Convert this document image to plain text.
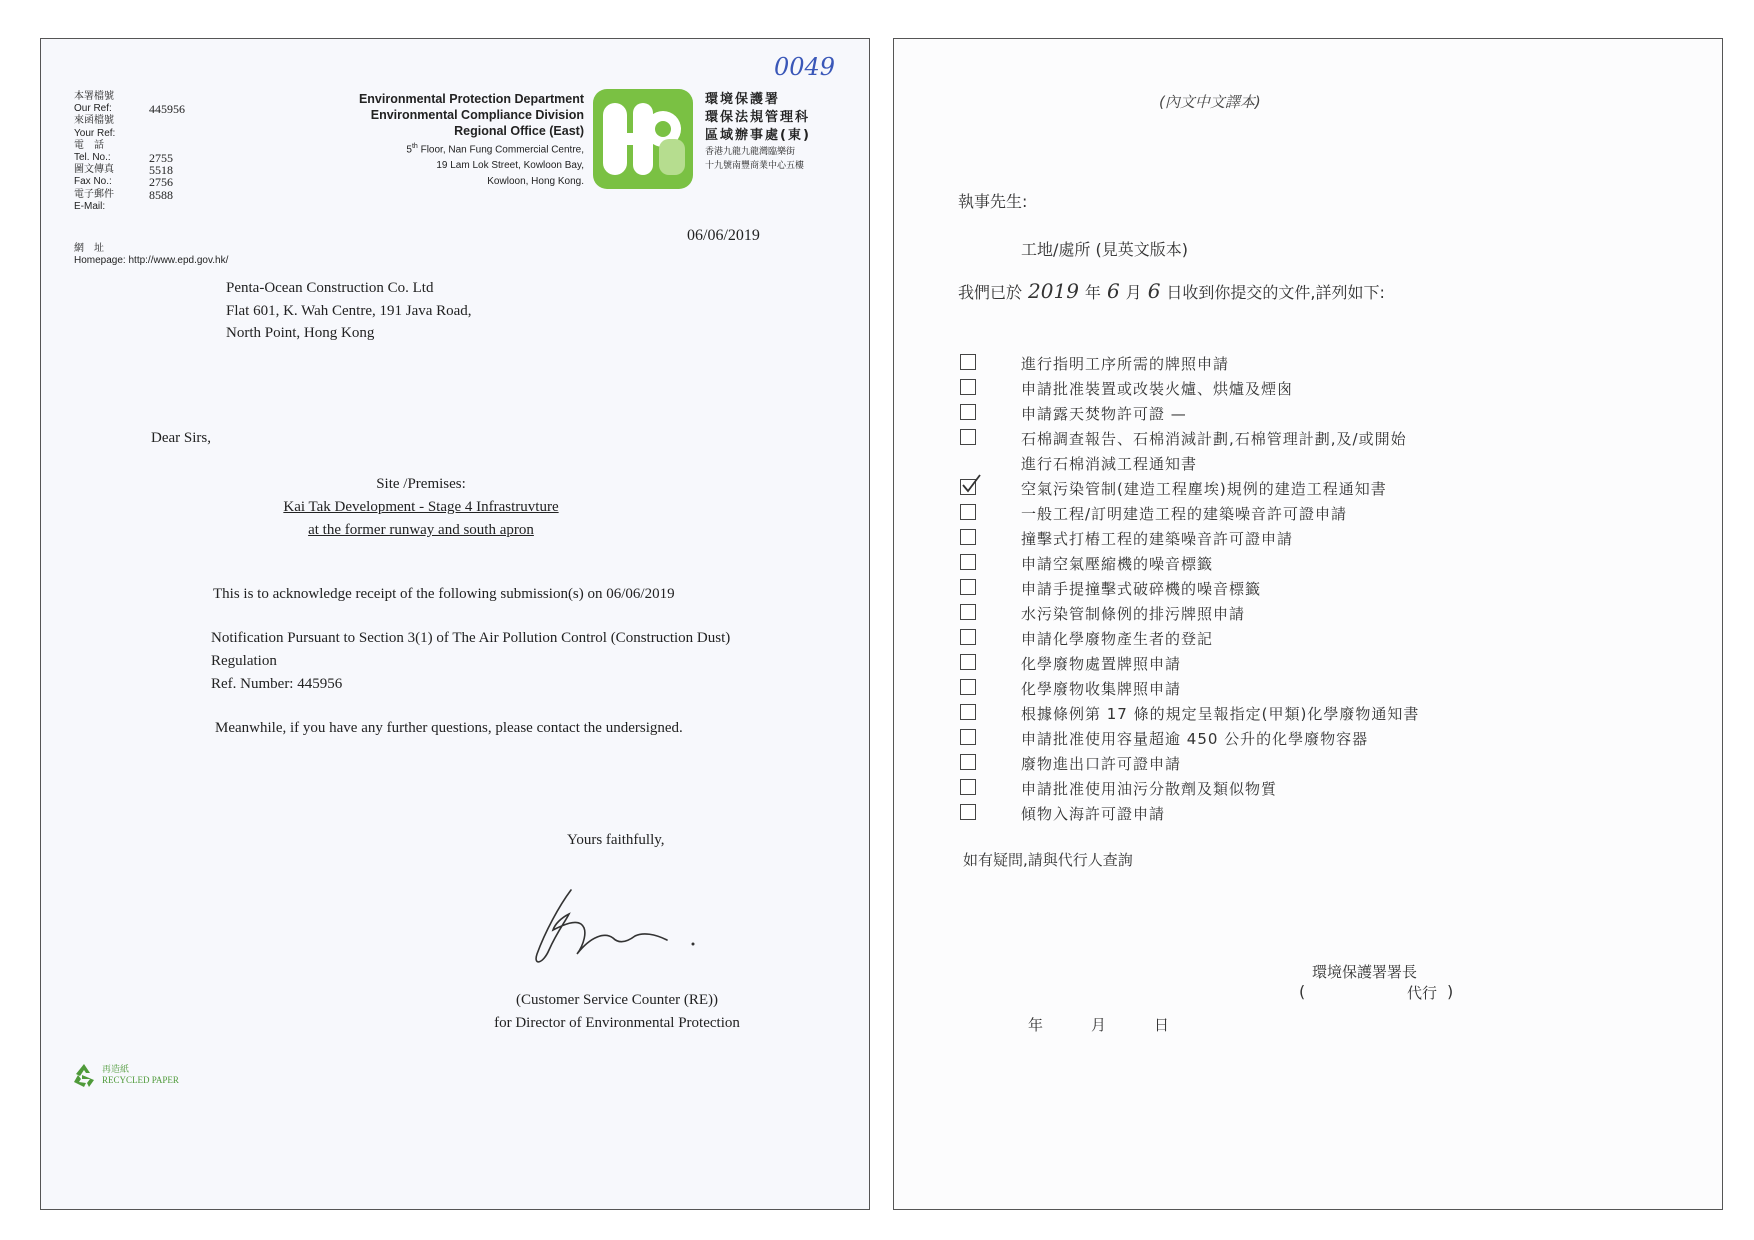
0049
本署檔號
Our Ref:	445956
來函檔號
Your Ref:
電　話
Tel. No.:	2755 5518
圖文傳真
Fax No.:	2756 8588
電子郵件
E-Mail:
網　址
Homepage: http://www.epd.gov.hk/
Environmental Protection Department
Environmental Compliance Division
Regional Office (East)
5th Floor, Nan Fung Commercial Centre,
19 Lam Lok Street, Kowloon Bay,
Kowloon, Hong Kong.
環境保護署
環保法規管理科
區域辦事處(東)
香港九龍九龍灣臨樂街
十九號南豐商業中心五樓
06/06/2019
Penta-Ocean Construction Co. Ltd
Flat 601, K. Wah Centre, 191 Java Road,
North Point, Hong Kong
Dear Sirs,
Site /Premises:
Kai Tak Development - Stage 4 Infrastruvture
at the former runway and south apron
This is to acknowledge receipt of the following submission(s) on 06/06/2019
Notification Pursuant to Section 3(1) of The Air Pollution Control (Construction Dust)
Regulation
Ref. Number: 445956
Meanwhile, if you have any further questions, please contact the undersigned.
Yours faithfully,
(Customer Service Counter (RE))
for Director of Environmental Protection
再造紙
RECYCLED PAPER
(內文中文譯本)
執事先生:
工地/處所 (見英文版本)
我們已於 2019 年 6 月 6 日收到你提交的文件,詳列如下:
進行指明工序所需的牌照申請
申請批准裝置或改裝火爐、烘爐及煙囪
申請露天焚物許可證 —
石棉調查報告、石棉消減計劃,石棉管理計劃,及/或開始
進行石棉消減工程通知書
空氣污染管制(建造工程塵埃)規例的建造工程通知書
一般工程/訂明建造工程的建築噪音許可證申請
撞擊式打樁工程的建築噪音許可證申請
申請空氣壓縮機的噪音標籤
申請手提撞擊式破碎機的噪音標籤
水污染管制條例的排污牌照申請
申請化學廢物產生者的登記
化學廢物處置牌照申請
化學廢物收集牌照申請
根據條例第 17 條的規定呈報指定(甲類)化學廢物通知書
申請批准使用容量超逾 450 公升的化學廢物容器
廢物進出口許可證申請
申請批准使用油污分散劑及類似物質
傾物入海許可證申請
如有疑問,請與代行人查詢
環境保護署署長
(	代行 )
年	月	日
